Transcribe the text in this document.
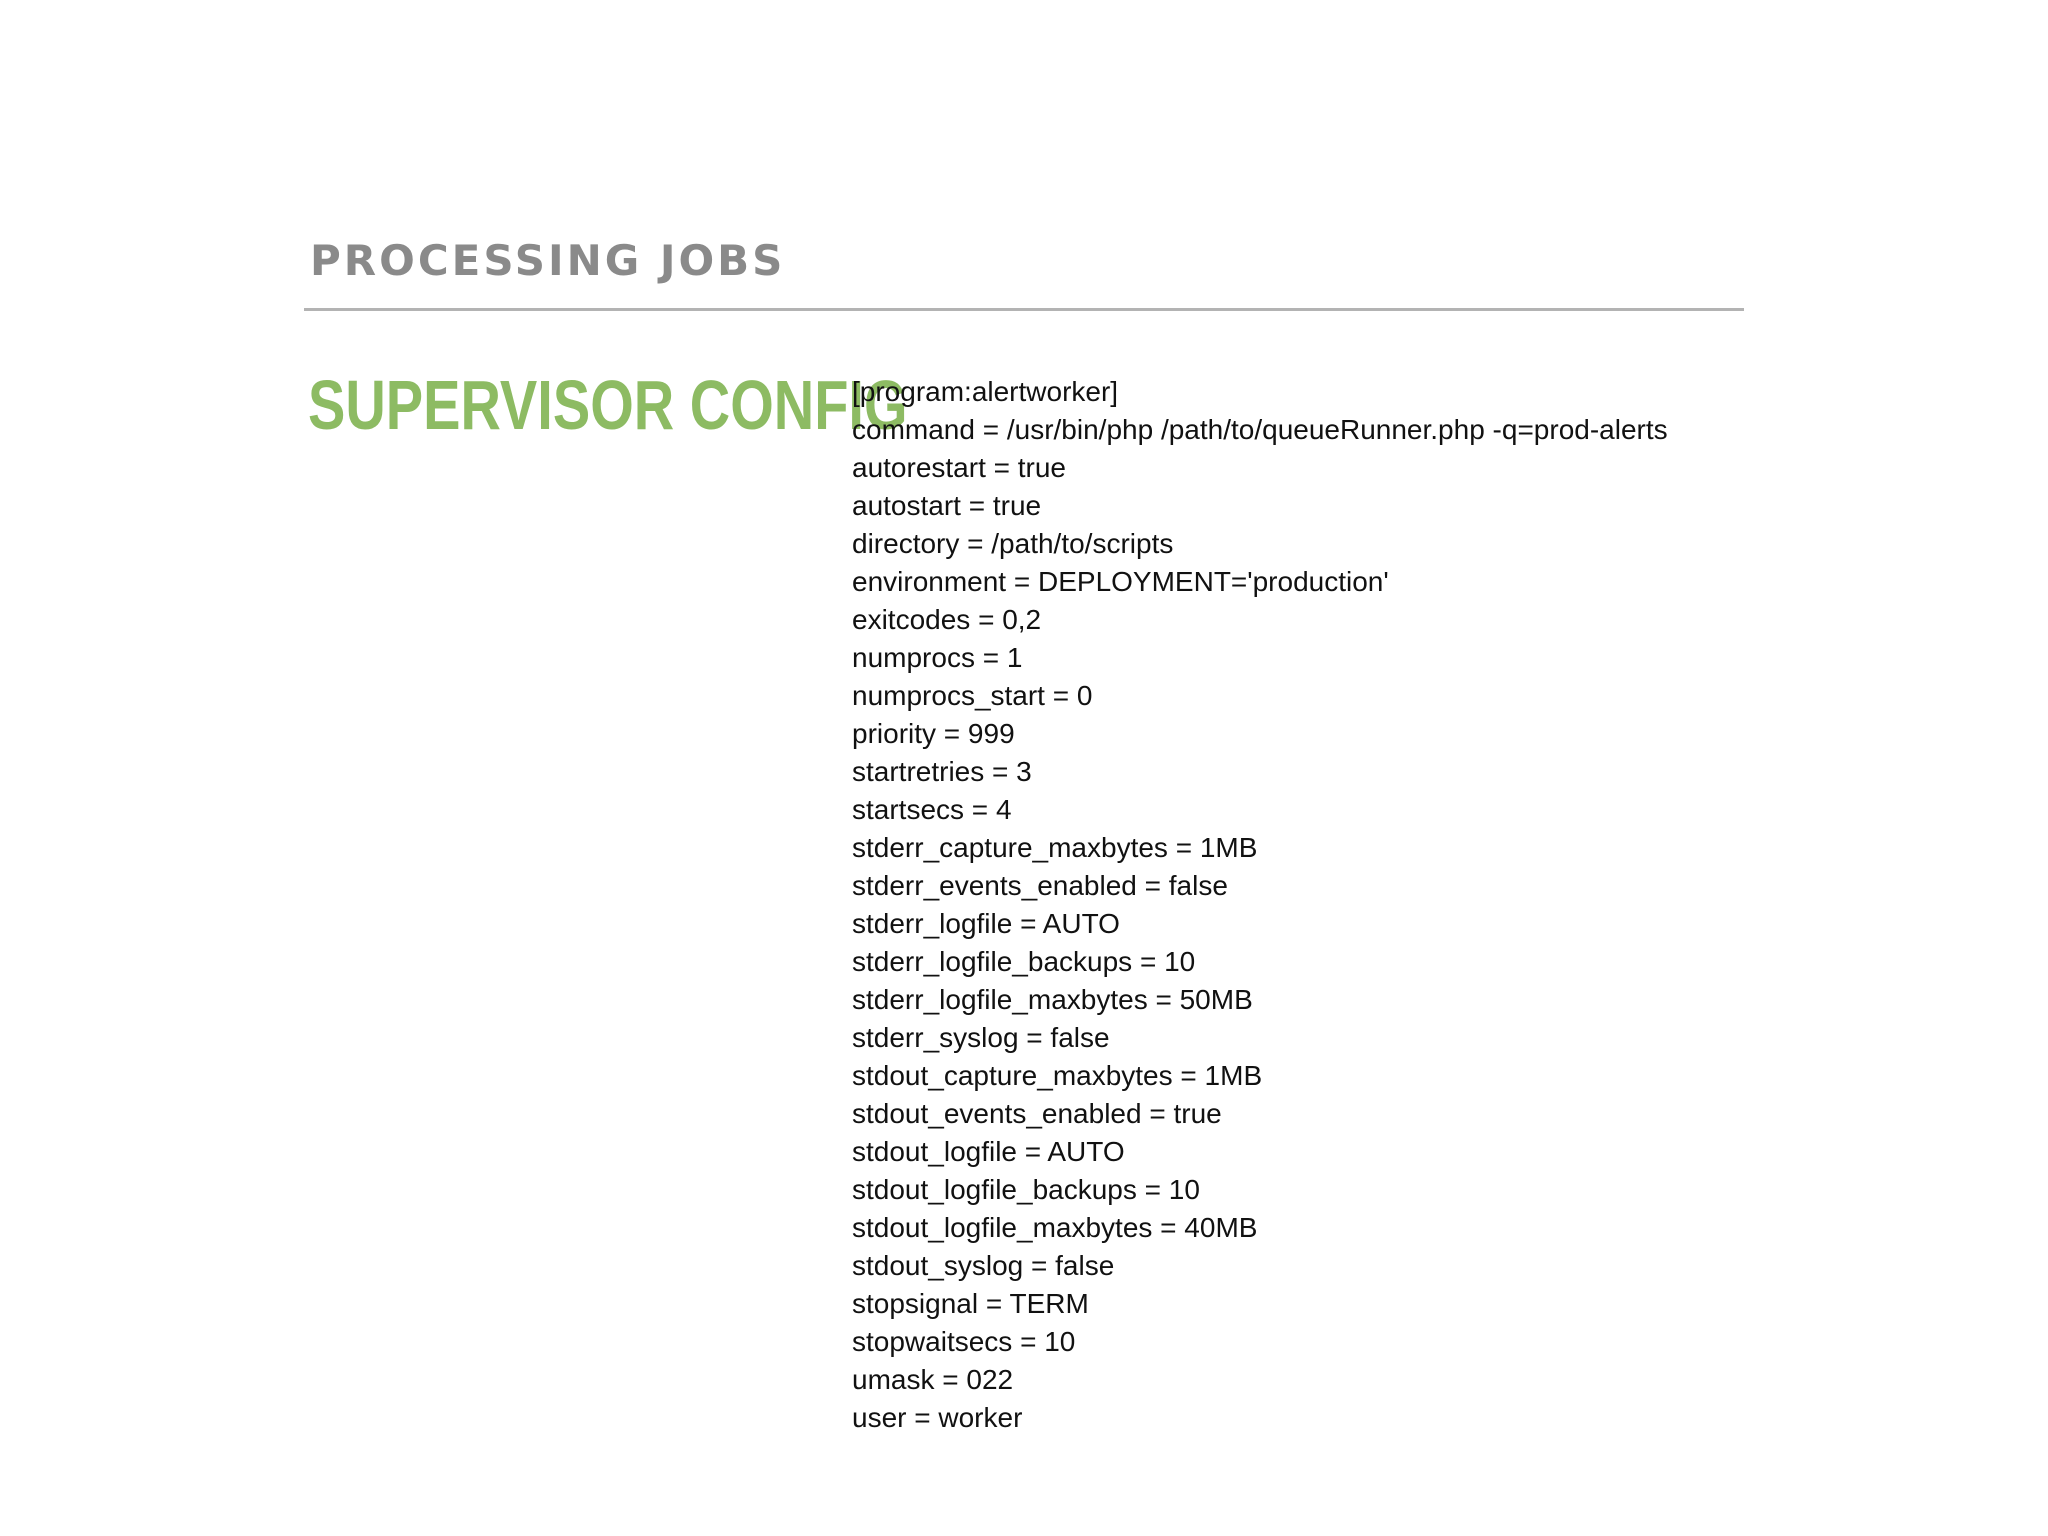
PROCESSING JOBS
SUPERVISOR CONFIG
[program:alertworker]
command = /usr/bin/php /path/to/queueRunner.php -q=prod-alerts
autorestart = true
autostart = true
directory = /path/to/scripts
environment = DEPLOYMENT='production'
exitcodes = 0,2
numprocs = 1
numprocs_start = 0
priority = 999
startretries = 3
startsecs = 4
stderr_capture_maxbytes = 1MB
stderr_events_enabled = false
stderr_logfile = AUTO
stderr_logfile_backups = 10
stderr_logfile_maxbytes = 50MB
stderr_syslog = false
stdout_capture_maxbytes = 1MB
stdout_events_enabled = true
stdout_logfile = AUTO
stdout_logfile_backups = 10
stdout_logfile_maxbytes = 40MB
stdout_syslog = false
stopsignal = TERM
stopwaitsecs = 10
umask = 022
user = worker
